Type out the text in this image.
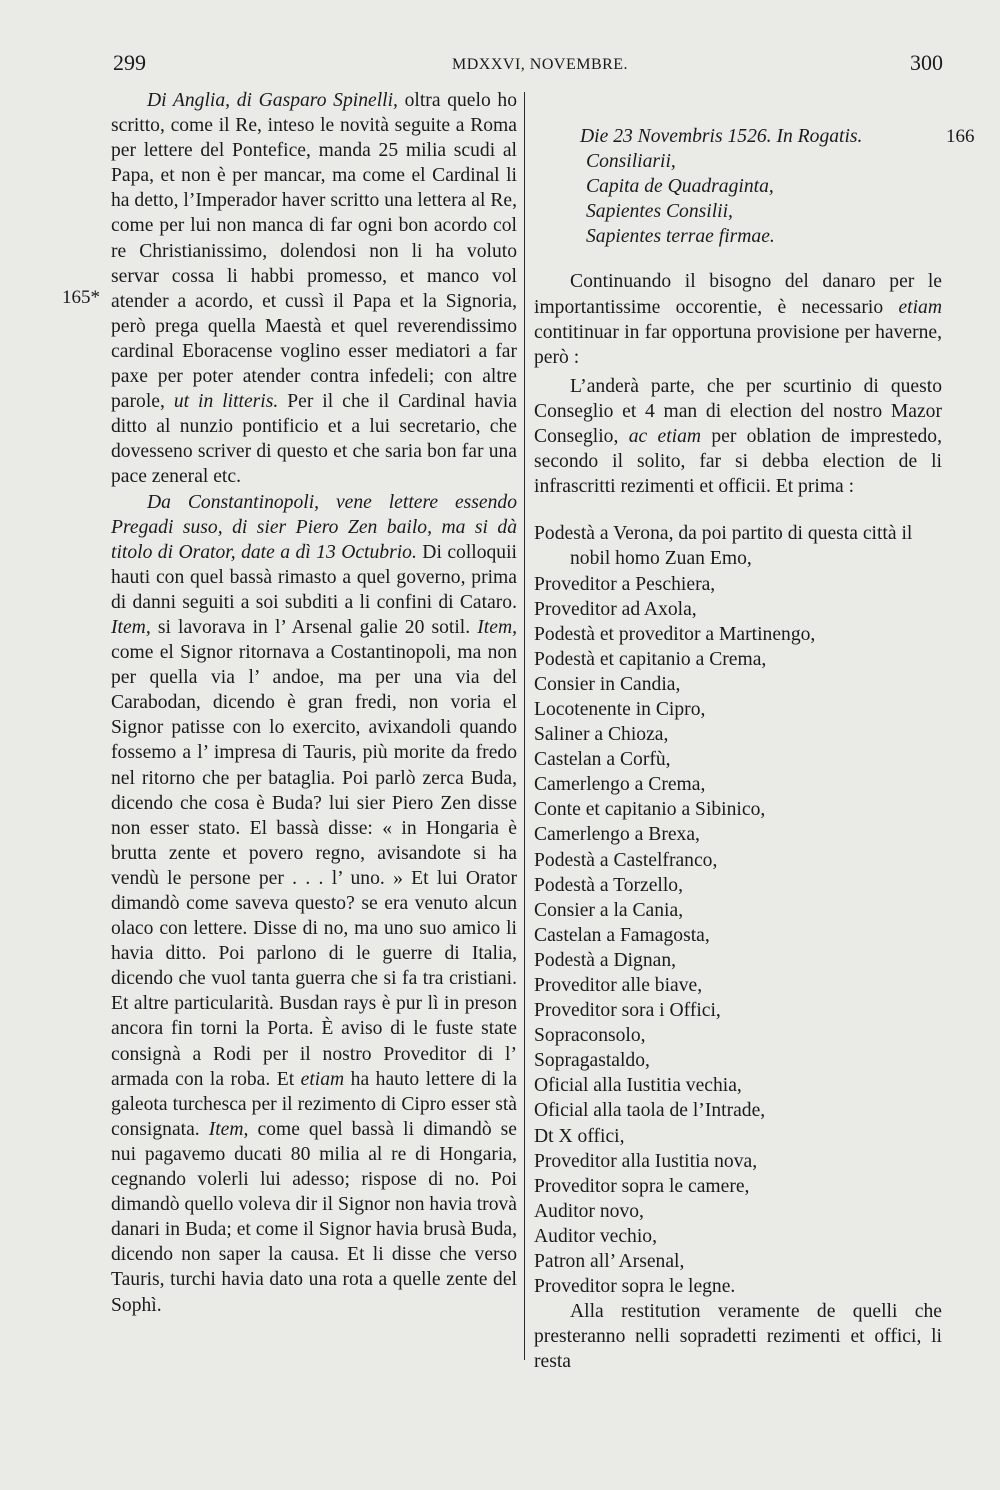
299	MDXXVI, NOVEMBRE.	300
165*
166

Di Anglia, di Gasparo Spinelli, oltra quelo ho scritto, come il Re, inteso le novità seguite a Roma per lettere del Pontefice, manda 25 milia scudi al Papa, et non è per mancar, ma come el Cardinal li ha detto, l’Imperador haver scritto una lettera al Re, come per lui non manca di far ogni bon acordo col re Christianissimo, dolendosi non li ha voluto servar cossa li habbi promesso, et manco vol atender a acordo, et cussì il Papa et la Signoria, però prega quella Maestà et quel reverendissimo cardinal Eboracense voglino esser mediatori a far paxe per poter atender contra infedeli; con altre parole, ut in litteris. Per il che il Cardinal havia ditto al nunzio pontificio et a lui secretario, che dovesseno scriver di questo et che saria bon far una pace zeneral etc.

Da Constantinopoli, vene lettere essendo Pregadi suso, di sier Piero Zen bailo, ma si dà titolo di Orator, date a dì 13 Octubrio. Di colloquii hauti con quel bassà rimasto a quel governo, prima di danni seguiti a soi subditi a li confini di Cataro. Item, si lavorava in l’ Arsenal galie 20 sotil. Item, come el Signor ritornava a Costantinopoli, ma non per quella via l’ andoe, ma per una via del Carabodan, dicendo è gran fredi, non voria el Signor patisse con lo exercito, avixandoli quando fossemo a l’ impresa di Tauris, più morite da fredo nel ritorno che per bataglia. Poi parlò zerca Buda, dicendo che cosa è Buda? lui sier Piero Zen disse non esser stato. El bassà disse: « in Hongaria è brutta zente et povero regno, avisandote si ha vendù le persone per . . . l’ uno. » Et lui Orator dimandò come saveva questo? se era venuto alcun olaco con lettere. Disse di no, ma uno suo amico li havia ditto. Poi parlono di le guerre di Italia, dicendo che vuol tanta guerra che si fa tra cristiani. Et altre particularità. Busdan rays è pur lì in preson ancora fin torni la Porta. È aviso di le fuste state consignà a Rodi per il nostro Proveditor di l’ armada con la roba. Et etiam ha hauto lettere di la galeota turchesca per il rezimento di Cipro esser stà consignata. Item, come quel bassà li dimandò se nui pagavemo ducati 80 milia al re di Hongaria, cegnando volerli lui adesso; rispose di no. Poi dimandò quello voleva dir il Signor non havia trovà danari in Buda; et come il Signor havia brusà Buda, dicendo non saper la causa. Et li disse che verso Tauris, turchi havia dato una rota a quelle zente del Sophì.

Die 23 Novembris 1526. In Rogatis.

Consiliarii,
Capita de Quadraginta,
Sapientes Consilii,
Sapientes terrae firmae.

Continuando il bisogno del danaro per le importantissime occorentie, è necessario etiam contitinuar in far opportuna provisione per haverne, però :

L’anderà parte, che per scurtinio di questo Conseglio et 4 man di election del nostro Mazor Conseglio, ac etiam per oblation de imprestedo, secondo il solito, far si debba election de li infrascritti rezimenti et officii. Et prima :

Podestà a Verona, da poi partito di questa città il
nobil homo Zuan Emo,
Proveditor a Peschiera,
Proveditor ad Axola,
Podestà et proveditor a Martinengo,
Podestà et capitanio a Crema,
Consier in Candia,
Locotenente in Cipro,
Saliner a Chioza,
Castelan a Corfù,
Camerlengo a Crema,
Conte et capitanio a Sibinico,
Camerlengo a Brexa,
Podestà a Castelfranco,
Podestà a Torzello,
Consier a la Cania,
Castelan a Famagosta,
Podestà a Dignan,
Proveditor alle biave,
Proveditor sora i Offici,
Sopraconsolo,
Sopragastaldo,
Oficial alla Iustitia vechia,
Oficial alla taola de l’Intrade,
Dt X offici,
Proveditor alla Iustitia nova,
Proveditor sopra le camere,
Auditor novo,
Auditor vechio,
Patron all’ Arsenal,
Proveditor sopra le legne.

Alla restitution veramente de quelli che presteranno nelli sopradetti rezimenti et offici, li resta
